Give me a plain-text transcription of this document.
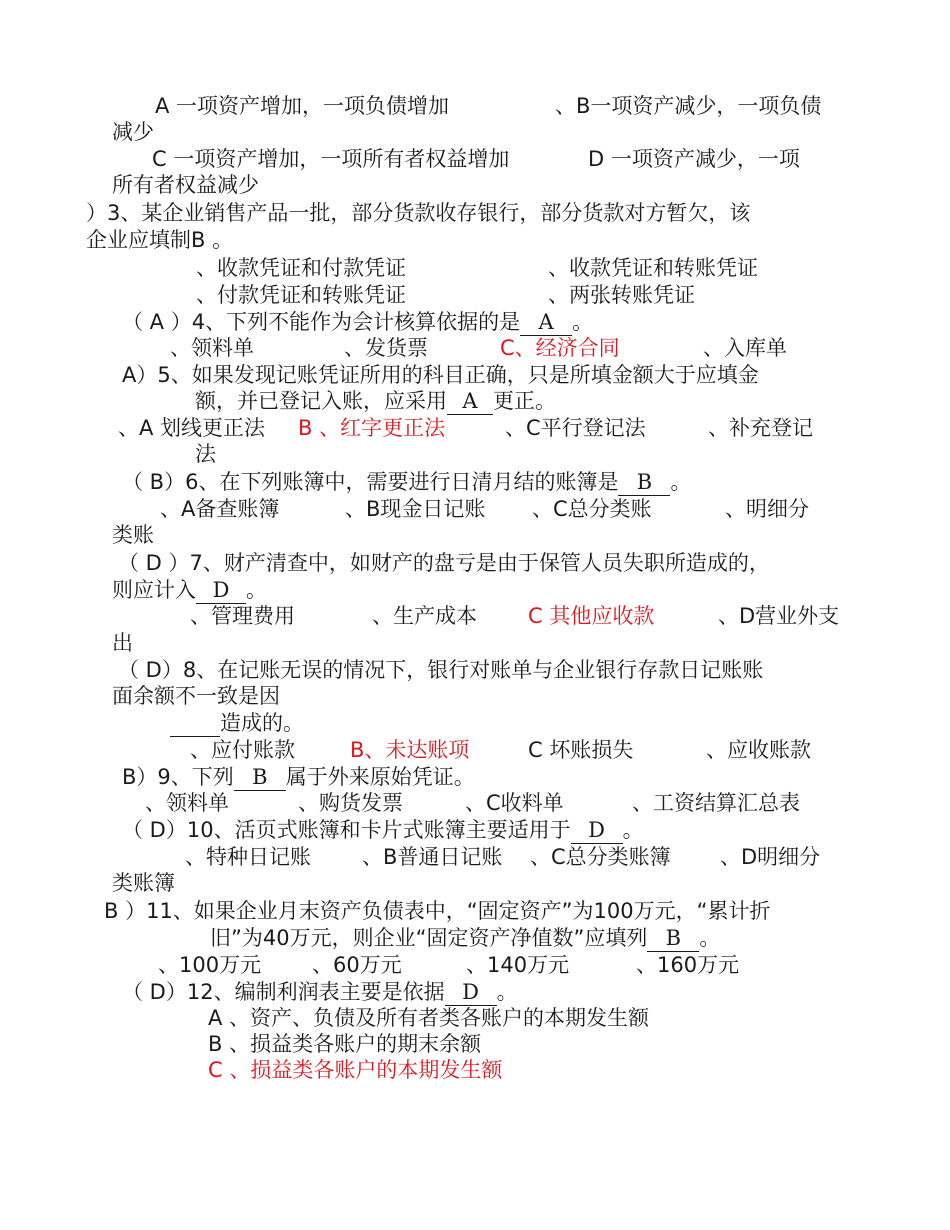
A 一项资产增加，一项负债增加	、B一项资产减少，一项负债
减少
C 一项资产增加，一项所有者权益增加	D 一项资产减少，一项
所有者权益减少
）3、某企业销售产品一批，部分货款收存银行，部分货款对方暂欠，该
企业应填制B 。
、收款凭证和付款凭证	、收款凭证和转账凭证
、付款凭证和转账凭证	、两张转账凭证
（ A ）4、下列不能作为会计核算依据的是 A 。
、领料单	、发货票	C、经济合同	、入库单
A）5、如果发现记账凭证所用的科目正确，只是所填金额大于应填金
额，并已登记入账，应采用 A 更正。
、A 划线更正法 B 、红字更正法	、C平行登记法	、补充登记
法
（ B）6、在下列账簿中，需要进行日清月结的账簿是 B 。
、A备查账簿	、B现金日记账 、C总分类账	、明细分
类账
（ D ）7、财产清查中，如财产的盘亏是由于保管人员失职所造成的，
则应计入 D 。
、管理费用	、生产成本 C 其他应收款	、D营业外支
出
（ D）8、在记账无误的情况下，银行对账单与企业银行存款日记账账
面余额不一致是因
造成的。
、应付账款	B、未达账项	C 坏账损失	、应收账款
B）9、下列 B 属于外来原始凭证。
、领料单	、购货发票	、C收料单	、工资结算汇总表
（ D）10、活页式账簿和卡片式账簿主要适用于 D 。
、特种日记账 、B普通日记账 、C总分类账簿 、D明细分
类账簿
B ）11、如果企业月末资产负债表中，“固定资产”为100万元，“累计折
旧”为40万元，则企业“固定资产净值数”应填列 B 。
、100万元 、60万元	、140万元	、160万元
（ D）12、编制利润表主要是依据 D 。
A 、资产、负债及所有者类各账户的本期发生额
B 、损益类各账户的期末余额
C 、损益类各账户的本期发生额
